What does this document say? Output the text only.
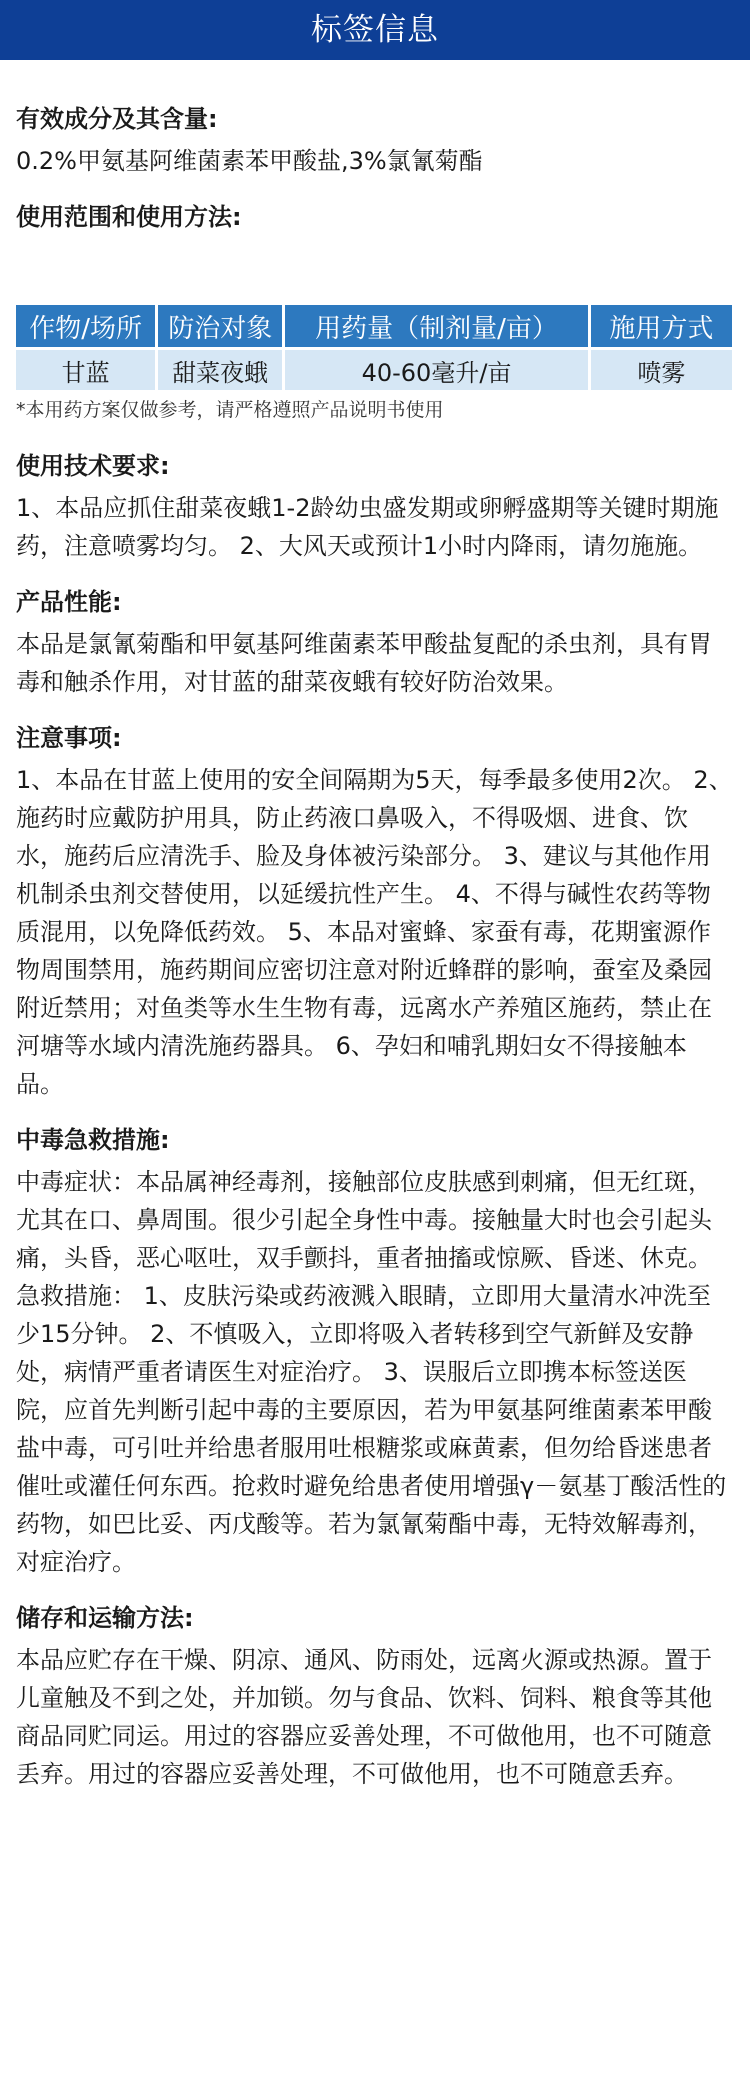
标签信息
有效成分及其含量:

0.2%甲氨基阿维菌素苯甲酸盐,3%氯氰菊酯

使用范围和使用方法:
作物/场所	防治对象	用药量（制剂量/亩）	施用方式
甘蓝	甜菜夜蛾	40-60毫升/亩	喷雾
*本用药方案仅做参考，请严格遵照产品说明书使用
使用技术要求:

1、本品应抓住甜菜夜蛾1-2龄幼虫盛发期或卵孵盛期等关键时期施药，注意喷雾均匀。 2、大风天或预计1小时内降雨，请勿施施。

产品性能:

本品是氯氰菊酯和甲氨基阿维菌素苯甲酸盐复配的杀虫剂，具有胃毒和触杀作用，对甘蓝的甜菜夜蛾有较好防治效果。

注意事项:

1、本品在甘蓝上使用的安全间隔期为5天，每季最多使用2次。 2、施药时应戴防护用具，防止药液口鼻吸入，不得吸烟、进食、饮水，施药后应清洗手、脸及身体被污染部分。 3、建议与其他作用机制杀虫剂交替使用，以延缓抗性产生。 4、不得与碱性农药等物质混用，以免降低药效。 5、本品对蜜蜂、家蚕有毒，花期蜜源作物周围禁用，施药期间应密切注意对附近蜂群的影响，蚕室及桑园附近禁用；对鱼类等水生生物有毒，远离水产养殖区施药，禁止在河塘等水域内清洗施药器具。 6、孕妇和哺乳期妇女不得接触本品。

中毒急救措施:

中毒症状：本品属神经毒剂，接触部位皮肤感到刺痛，但无红斑，尤其在口、鼻周围。很少引起全身性中毒。接触量大时也会引起头痛，头昏，恶心呕吐，双手颤抖，重者抽搐或惊厥、昏迷、休克。 急救措施： 1、皮肤污染或药液溅入眼睛，立即用大量清水冲洗至少15分钟。 2、不慎吸入，立即将吸入者转移到空气新鲜及安静处，病情严重者请医生对症治疗。 3、误服后立即携本标签送医院，应首先判断引起中毒的主要原因，若为甲氨基阿维菌素苯甲酸盐中毒，可引吐并给患者服用吐根糖浆或麻黄素，但勿给昏迷患者催吐或灌任何东西。抢救时避免给患者使用增强γ－氨基丁酸活性的药物，如巴比妥、丙戊酸等。若为氯氰菊酯中毒，无特效解毒剂，对症治疗。

储存和运输方法:

本品应贮存在干燥、阴凉、通风、防雨处，远离火源或热源。置于儿童触及不到之处，并加锁。勿与食品、饮料、饲料、粮食等其他商品同贮同运。用过的容器应妥善处理，不可做他用，也不可随意丢弃。用过的容器应妥善处理，不可做他用，也不可随意丢弃。
